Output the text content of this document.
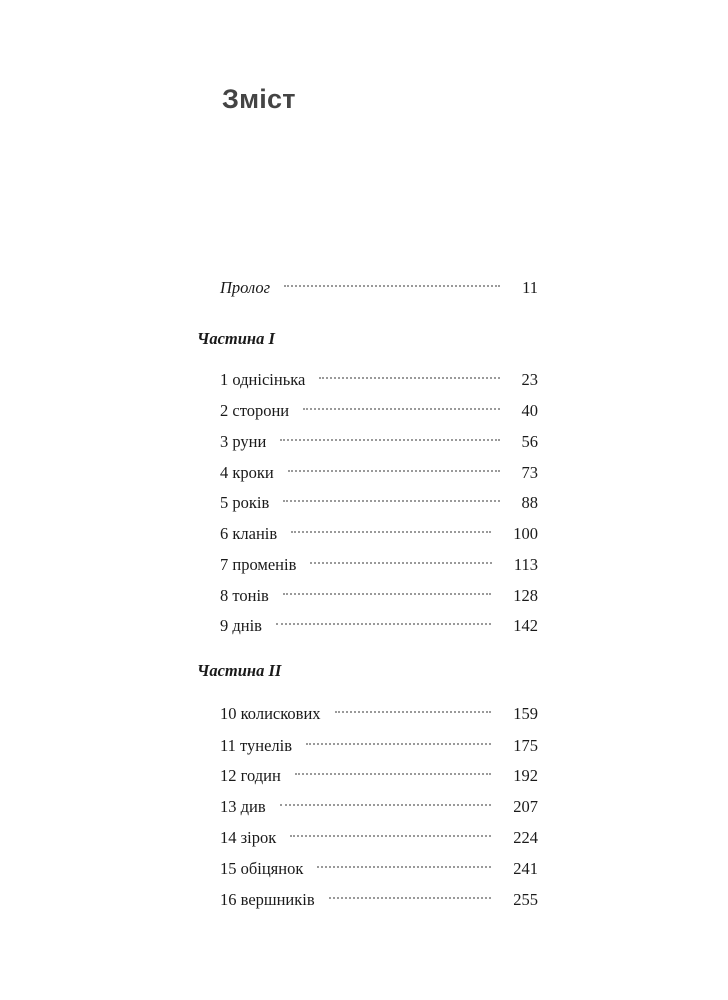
Зміст
Пролог	11
Частина I
1 однісінька	23
2 сторони	40
3 руни	56
4 кроки	73
5 років	88
6 кланів	100
7 променів	113
8 тонів	128
9 днів	142
Частина II
10 колискових	159
11 тунелів	175
12 годин	192
13 див	207
14 зірок	224
15 обіцянок	241
16 вершників	255
